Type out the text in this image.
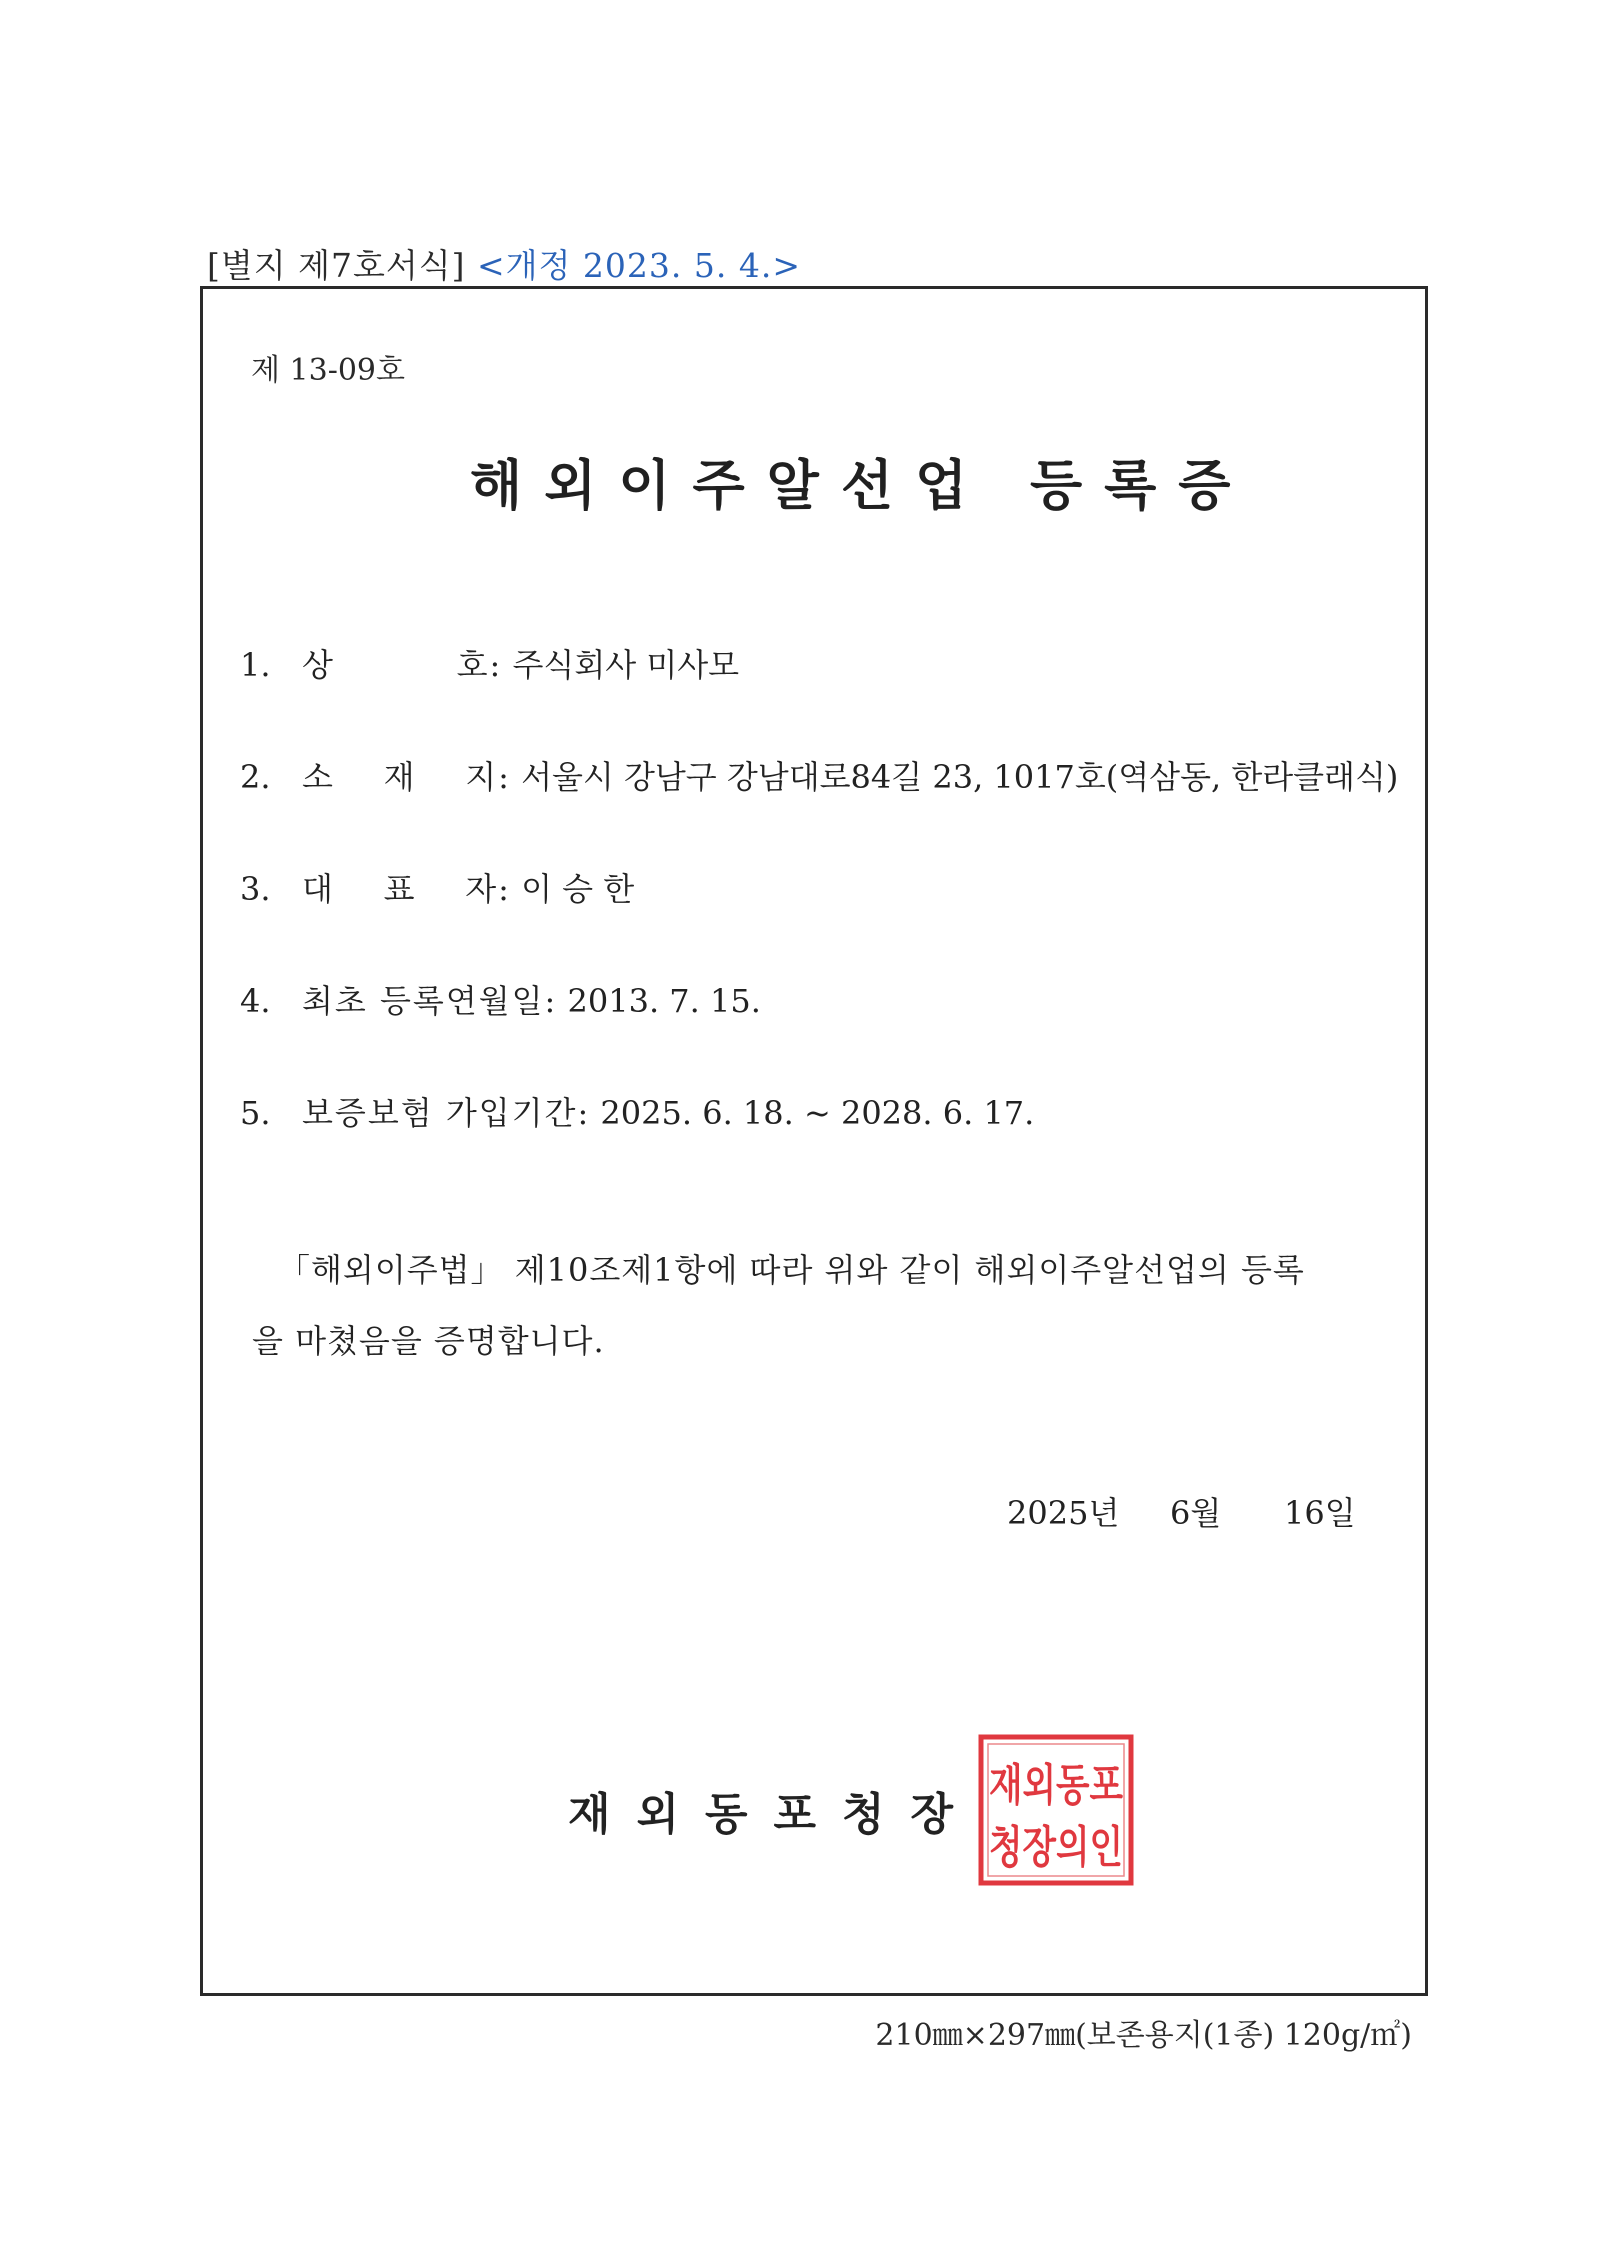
[별지 제7호서식] <개정 2023. 5. 4.>
제 13-09호
해외이주알선업 등록증
1. 상          호: 주식회사 미사모
2. 소    재    지: 서울시 강남구 강남대로84길 23, 1017호(역삼동, 한라클래식)
3. 대    표    자: 이 승 한
4. 최초 등록연월일: 2013. 7. 15.
5. 보증보험 가입기간: 2025. 6. 18. ~ 2028. 6. 17.
「해외이주법」 제10조제1항에 따라 위와 같이 해외이주알선업의 등록
을 마쳤음을 증명합니다.
2025년 6월 16일
재외동포청장
재외동포
청장의인
210㎜×297㎜(보존용지(1종) 120g/㎡)
